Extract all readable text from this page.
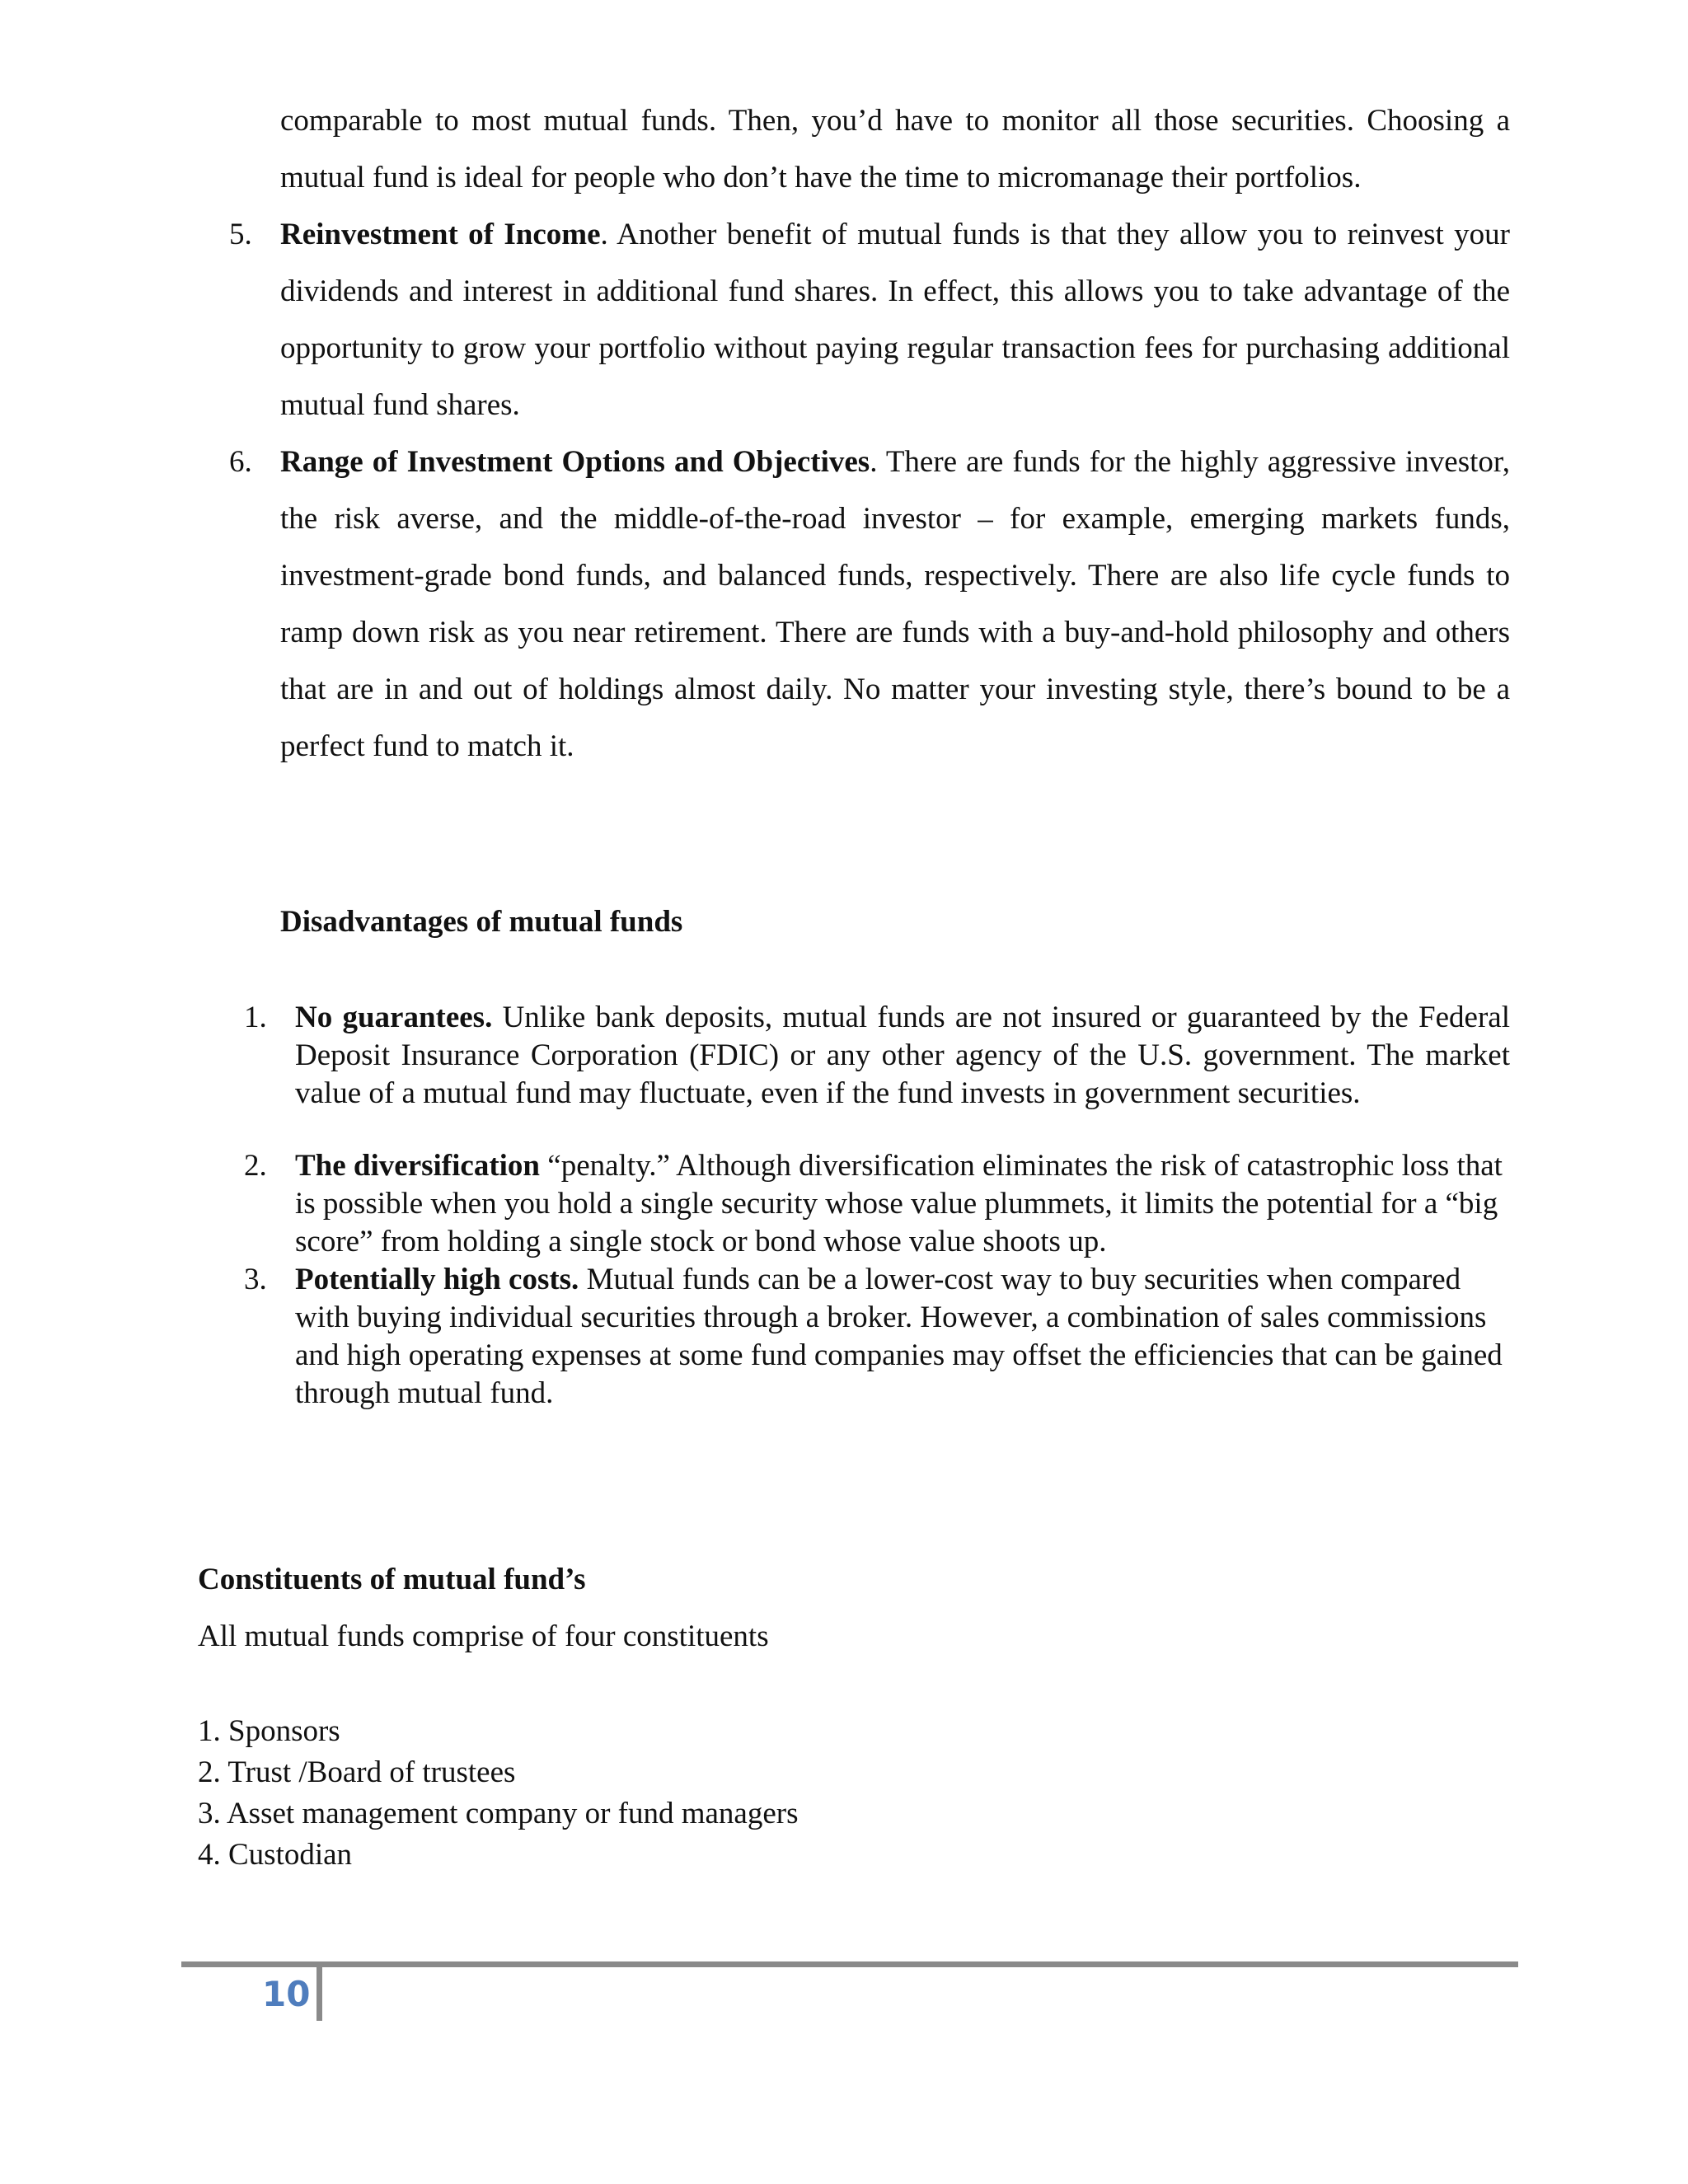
comparable to most mutual funds. Then, you’d have to monitor all those securities. Choosing a mutual fund is ideal for people who don’t have the time to micromanage their portfolios.

5. Reinvestment of Income. Another benefit of mutual funds is that they allow you to reinvest your dividends and interest in additional fund shares. In effect, this allows you to take advantage of the opportunity to grow your portfolio without paying regular transaction fees for purchasing additional mutual fund shares.
6. Range of Investment Options and Objectives. There are funds for the highly aggressive investor, the risk averse, and the middle-of-the-road investor – for example, emerging markets funds, investment-grade bond funds, and balanced funds, respectively. There are also life cycle funds to ramp down risk as you near retirement. There are funds with a buy-and-hold philosophy and others that are in and out of holdings almost daily. No matter your investing style, there’s bound to be a perfect fund to match it.
Disadvantages of mutual funds
1. No guarantees. Unlike bank deposits, mutual funds are not insured or guaranteed by the Federal Deposit Insurance Corporation (FDIC) or any other agency of the U.S. government. The market value of a mutual fund may fluctuate, even if the fund invests in government securities.
2. The diversification “penalty.” Although diversification eliminates the risk of catastrophic loss that is possible when you hold a single security whose value plummets, it limits the potential for a “big score” from holding a single stock or bond whose value shoots up.
3. Potentially high costs. Mutual funds can be a lower-cost way to buy securities when compared with buying individual securities through a broker. However, a combination of sales commissions and high operating expenses at some fund companies may offset the efficiencies that can be gained through mutual fund.
Constituents of mutual fund’s
All mutual funds comprise of four constituents
1. Sponsors
2. Trust /Board of trustees
3. Asset management company or fund managers
4. Custodian
10
